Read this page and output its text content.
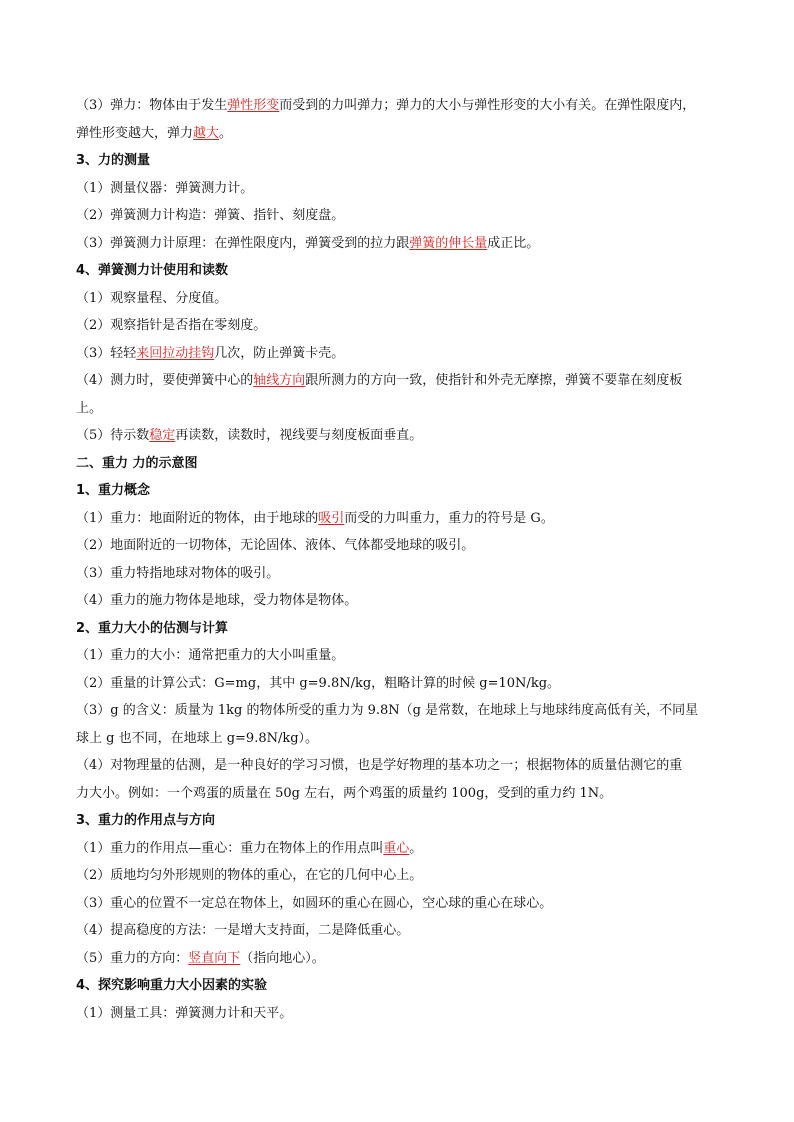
（3）弹力：物体由于发生弹性形变而受到的力叫弹力；弹力的大小与弹性形变的大小有关。在弹性限度内，
弹性形变越大，弹力越大。
3、力的测量
（1）测量仪器：弹簧测力计。
（2）弹簧测力计构造：弹簧、指针、刻度盘。
（3）弹簧测力计原理：在弹性限度内，弹簧受到的拉力跟弹簧的伸长量成正比。
4、弹簧测力计使用和读数
（1）观察量程、分度值。
（2）观察指针是否指在零刻度。
（3）轻轻来回拉动挂钩几次，防止弹簧卡壳。
（4）测力时，要使弹簧中心的轴线方向跟所测力的方向一致，使指针和外壳无摩擦，弹簧不要靠在刻度板
上。
（5）待示数稳定再读数，读数时，视线要与刻度板面垂直。
二、重力 力的示意图
1、重力概念
（1）重力：地面附近的物体，由于地球的吸引而受的力叫重力，重力的符号是 G。
（2）地面附近的一切物体，无论固体、液体、气体都受地球的吸引。
（3）重力特指地球对物体的吸引。
（4）重力的施力物体是地球，受力物体是物体。
2、重力大小的估测与计算
（1）重力的大小：通常把重力的大小叫重量。
（2）重量的计算公式：G=mg，其中 g=9.8N/kg，粗略计算的时候 g=10N/kg。
（3）g 的含义：质量为 1kg 的物体所受的重力为 9.8N（g 是常数，在地球上与地球纬度高低有关，不同星
球上 g 也不同，在地球上 g=9.8N/kg）。
（4）对物理量的估测，是一种良好的学习习惯，也是学好物理的基本功之一；根据物体的质量估测它的重
力大小。例如：一个鸡蛋的质量在 50g 左右，两个鸡蛋的质量约 100g，受到的重力约 1N。
3、重力的作用点与方向
（1）重力的作用点—重心：重力在物体上的作用点叫重心。
（2）质地均匀外形规则的物体的重心，在它的几何中心上。
（3）重心的位置不一定总在物体上，如圆环的重心在圆心，空心球的重心在球心。
（4）提高稳度的方法：一是增大支持面，二是降低重心。
（5）重力的方向：竖直向下（指向地心）。
4、探究影响重力大小因素的实验
（1）测量工具：弹簧测力计和天平。
